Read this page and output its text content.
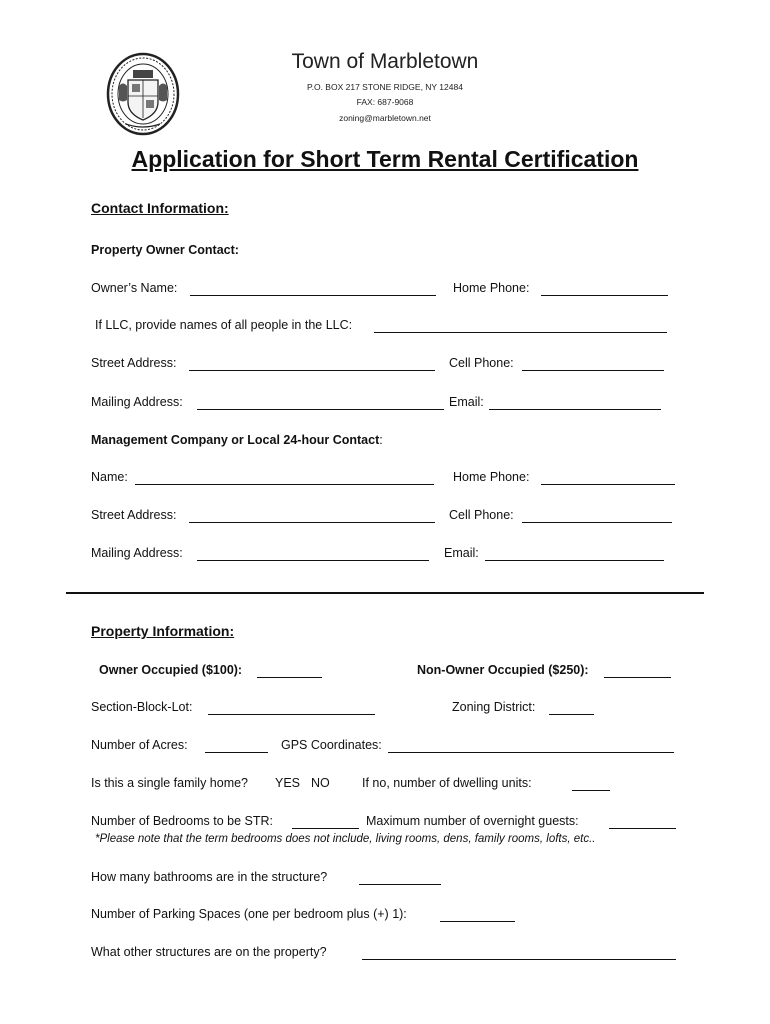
Town of Marbletown
P.O. BOX 217 STONE RIDGE, NY 12484
FAX: 687-9068
zoning@marbletown.net
Application for Short Term Rental Certification
Contact Information:
Property Owner Contact:
Owner’s Name:	Home Phone:
If LLC, provide names of all people in the LLC:
Street Address:	Cell Phone:
Mailing Address:	Email:
Management Company or Local 24-hour Contact:
Name:	Home Phone:
Street Address:	Cell Phone:
Mailing Address:	Email:
Property Information:
Owner Occupied ($100):	Non-Owner Occupied ($250):
Section-Block-Lot:	Zoning District:
Number of Acres:	GPS Coordinates:
Is this a single family home? YES NO	If no, number of dwelling units:
Number of Bedrooms to be STR:	Maximum number of overnight guests:
*Please note that the term bedrooms does not include, living rooms, dens, family rooms, lofts, etc..
How many bathrooms are in the structure?
Number of Parking Spaces (one per bedroom plus (+) 1):
What other structures are on the property?
